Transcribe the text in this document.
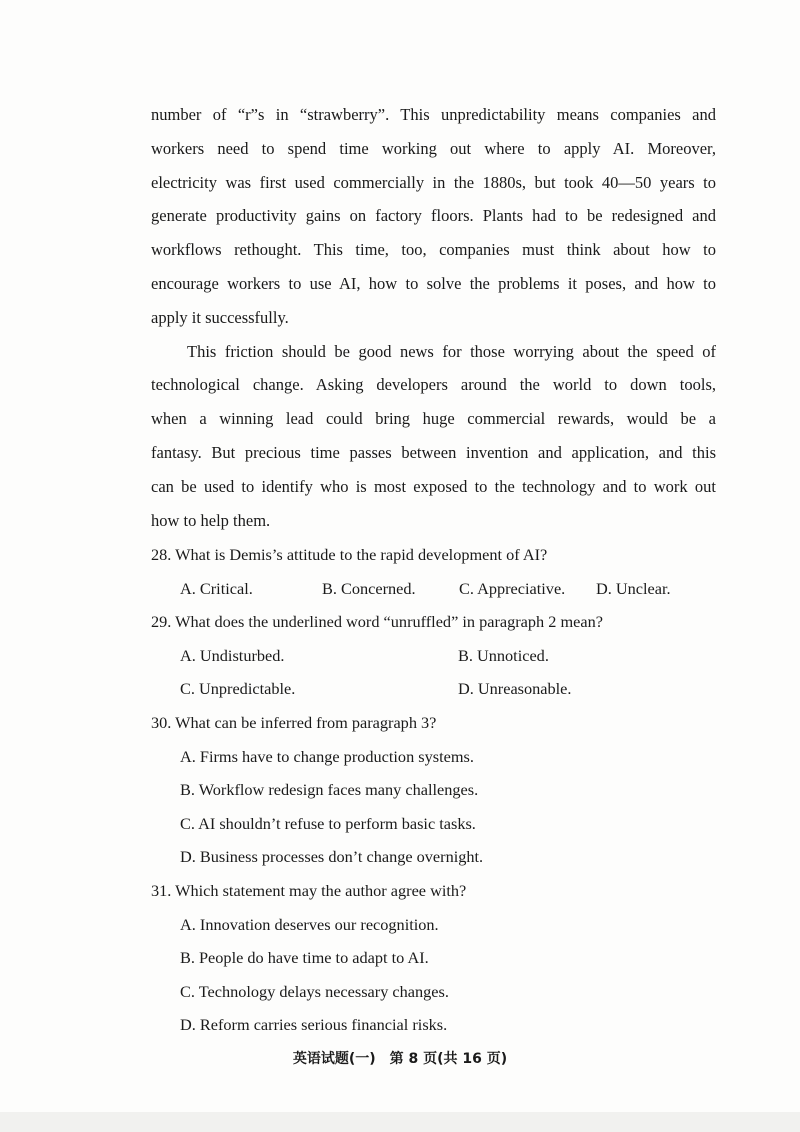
number of “r”s in “strawberry”. This unpredictability means companies and
workers need to spend time working out where to apply AI. Moreover,
electricity was first used commercially in the 1880s, but took 40—50 years to
generate productivity gains on factory floors. Plants had to be redesigned and
workflows rethought. This time, too, companies must think about how to
encourage workers to use AI, how to solve the problems it poses, and how to
apply it successfully.
This friction should be good news for those worrying about the speed of
technological change. Asking developers around the world to down tools,
when a winning lead could bring huge commercial rewards, would be a
fantasy. But precious time passes between invention and application, and this
can be used to identify who is most exposed to the technology and to work out
how to help them.
28. What is Demis’s attitude to the rapid development of AI?
A. Critical.	B. Concerned.	C. Appreciative.	D. Unclear.
29. What does the underlined word “unruffled” in paragraph 2 mean?
A. Undisturbed.	B. Unnoticed.
C. Unpredictable.	D. Unreasonable.
30. What can be inferred from paragraph 3?
A. Firms have to change production systems.
B. Workflow redesign faces many challenges.
C. AI shouldn’t refuse to perform basic tasks.
D. Business processes don’t change overnight.
31. Which statement may the author agree with?
A. Innovation deserves our recognition.
B. People do have time to adapt to AI.
C. Technology delays necessary changes.
D. Reform carries serious financial risks.
英语试题(一)　第 8 页(共 16 页)
